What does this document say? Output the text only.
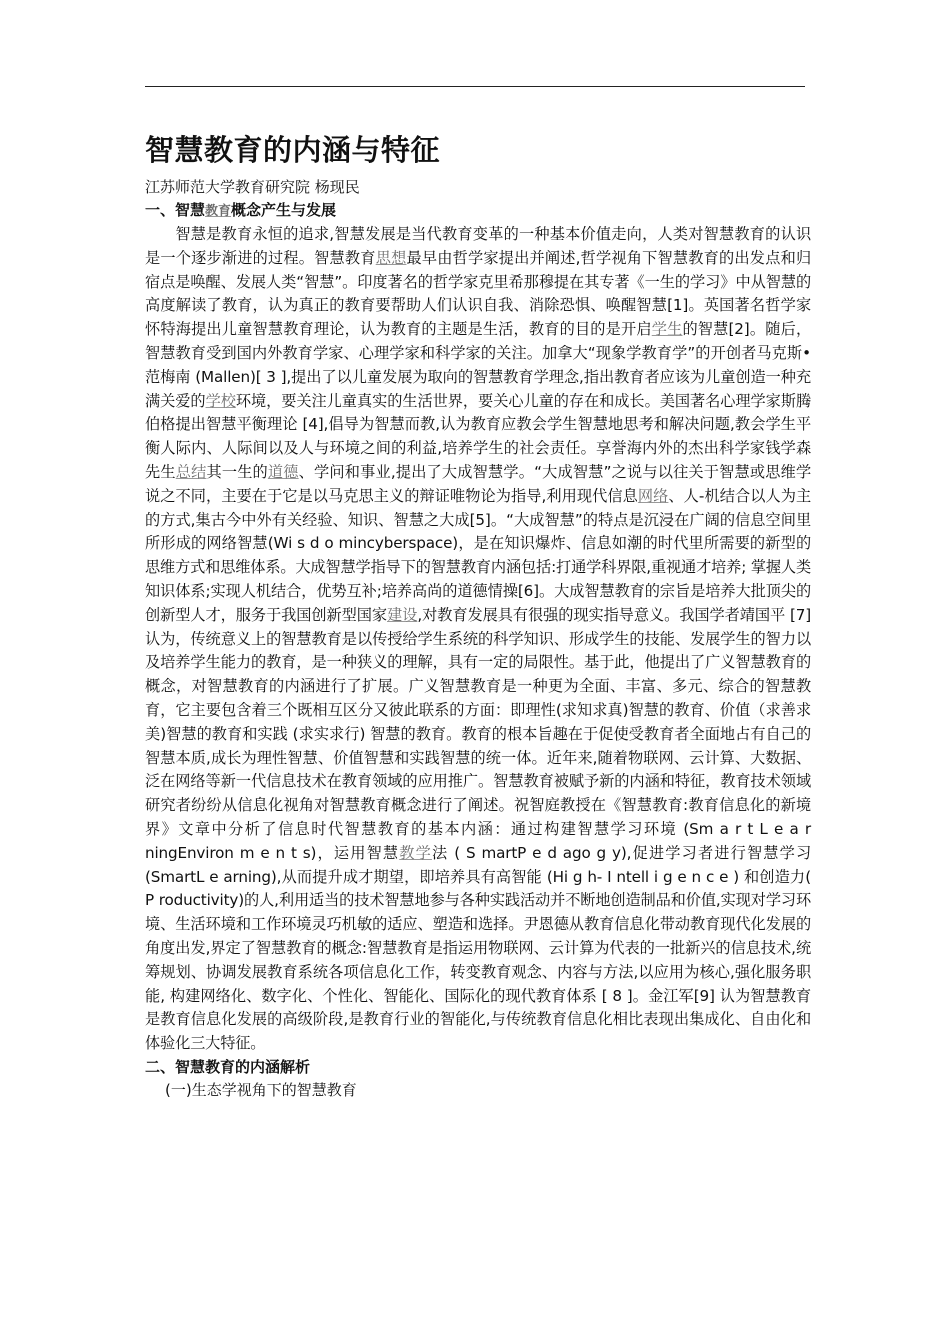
智慧教育的内涵与特征
江苏师范大学教育研究院 杨现民
一、智慧教育概念产生与发展

智慧是教育永恒的追求,智慧发展是当代教育变革的一种基本价值走向，人类对智慧教育的认识是一个逐步渐进的过程。智慧教育思想最早由哲学家提出并阐述,哲学视角下智慧教育的出发点和归宿点是唤醒、发展人类“智慧”。印度著名的哲学家克里希那穆提在其专著《一生的学习》中从智慧的高度解读了教育，认为真正的教育要帮助人们认识自我、消除恐惧、唤醒智慧[1]。英国著名哲学家怀特海提出儿童智慧教育理论，认为教育的主题是生活，教育的目的是开启学生的智慧[2]。随后，智慧教育受到国内外教育学家、心理学家和科学家的关注。加拿大“现象学教育学”的开创者马克斯•范梅南 (Mallen)[ 3 ],提出了以儿童发展为取向的智慧教育学理念,指出教育者应该为儿童创造一种充满关爱的学校环境，要关注儿童真实的生活世界，要关心儿童的存在和成长。美国著名心理学家斯腾伯格提出智慧平衡理论 [4],倡导为智慧而教,认为教育应教会学生智慧地思考和解决问题,教会学生平衡人际内、人际间以及人与环境之间的利益,培养学生的社会责任。享誉海内外的杰出科学家钱学森先生总结其一生的道德、学问和事业,提出了大成智慧学。“大成智慧”之说与以往关于智慧或思维学说之不同，主要在于它是以马克思主义的辩证唯物论为指导,利用现代信息网络、人-机结合以人为主的方式,集古今中外有关经验、知识、智慧之大成[5]。“大成智慧”的特点是沉浸在广阔的信息空间里所形成的网络智慧(Wi s d o mincyberspace)，是在知识爆炸、信息如潮的时代里所需要的新型的思维方式和思维体系。大成智慧学指导下的智慧教育内涵包括:打通学科界限,重视通才培养; 掌握人类知识体系;实现人机结合，优势互补;培养高尚的道德情操[6]。大成智慧教育的宗旨是培养大批顶尖的创新型人才，服务于我国创新型国家建设,对教育发展具有很强的现实指导意义。我国学者靖国平 [7]认为，传统意义上的智慧教育是以传授给学生系统的科学知识、形成学生的技能、发展学生的智力以及培养学生能力的教育，是一种狭义的理解，具有一定的局限性。基于此，他提出了广义智慧教育的概念，对智慧教育的内涵进行了扩展。广义智慧教育是一种更为全面、丰富、多元、综合的智慧教育，它主要包含着三个既相互区分又彼此联系的方面：即理性(求知求真)智慧的教育、价值（求善求美)智慧的教育和实践 (求实求行) 智慧的教育。教育的根本旨趣在于促使受教育者全面地占有自己的智慧本质,成长为理性智慧、价值智慧和实践智慧的统一体。近年来,随着物联网、云计算、大数据、泛在网络等新一代信息技术在教育领域的应用推广。智慧教育被赋予新的内涵和特征，教育技术领域研究者纷纷从信息化视角对智慧教育概念进行了阐述。祝智庭教授在《智慧教育:教育信息化的新境界》文章中分析了信息时代智慧教育的基本内涵：通过构建智慧学习环境 (Sm a r t L e a r ningEnviron m e n t s)，运用智慧教学法 ( S martP e d ago g y),促进学习者进行智慧学习(SmartL e arning),从而提升成才期望，即培养具有高智能 (Hi g h- I ntell i g e n c e ) 和创造力( P roductivity)的人,利用适当的技术智慧地参与各种实践活动并不断地创造制品和价值,实现对学习环境、生活环境和工作环境灵巧机敏的适应、塑造和选择。尹恩德从教育信息化带动教育现代化发展的角度出发,界定了智慧教育的概念:智慧教育是指运用物联网、云计算为代表的一批新兴的信息技术,统筹规划、协调发展教育系统各项信息化工作，转变教育观念、内容与方法,以应用为核心,强化服务职能, 构建网络化、数字化、个性化、智能化、国际化的现代教育体系 [ 8 ]。金江军[9] 认为智慧教育是教育信息化发展的高级阶段,是教育行业的智能化,与传统教育信息化相比表现出集成化、自由化和体验化三大特征。

二、智慧教育的内涵解析
(一)生态学视角下的智慧教育
